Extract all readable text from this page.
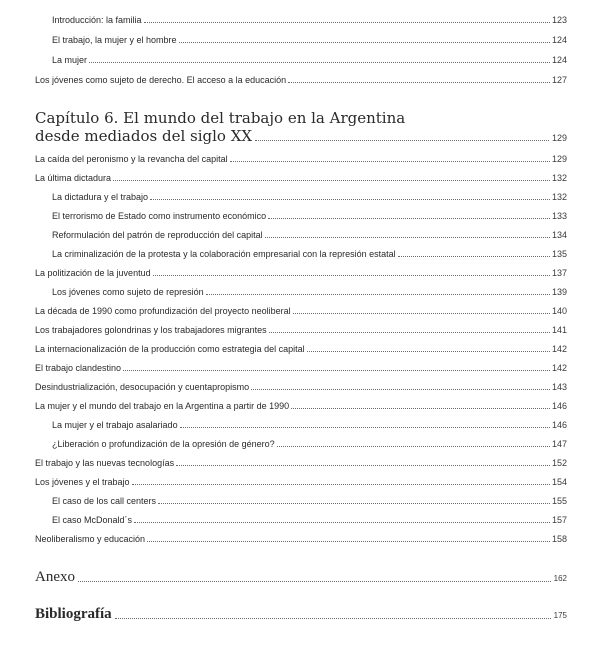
Introducción: la familia	123
El trabajo, la mujer y el hombre	124
La mujer	124
Los jóvenes como sujeto de derecho. El acceso a la educación	127
Capítulo 6. El mundo del trabajo en la Argentina
desde mediados del siglo XX	129
La caída del peronismo y la revancha del capital	129
La última dictadura	132
La dictadura y el trabajo	132
El terrorismo de Estado como instrumento económico	133
Reformulación del patrón de reproducción del capital	134
La criminalización de la protesta y la colaboración empresarial con la represión estatal	135
La politización de la juventud	137
Los jóvenes como sujeto de represión	139
La década de 1990 como profundización del proyecto neoliberal	140
Los trabajadores golondrinas y los trabajadores migrantes	141
La internacionalización de la producción como estrategia del capital	142
El trabajo clandestino	142
Desindustrialización, desocupación y cuentapropismo	143
La mujer y el mundo del trabajo en la Argentina a partir de 1990	146
La mujer y el trabajo asalariado	146
¿Liberación o profundización de la opresión de género?	147
El trabajo y las nuevas tecnologías	152
Los jóvenes y el trabajo	154
El caso de los call centers	155
El caso McDonald´s	157
Neoliberalismo y educación	158
Anexo	162
Bibliografía	175
